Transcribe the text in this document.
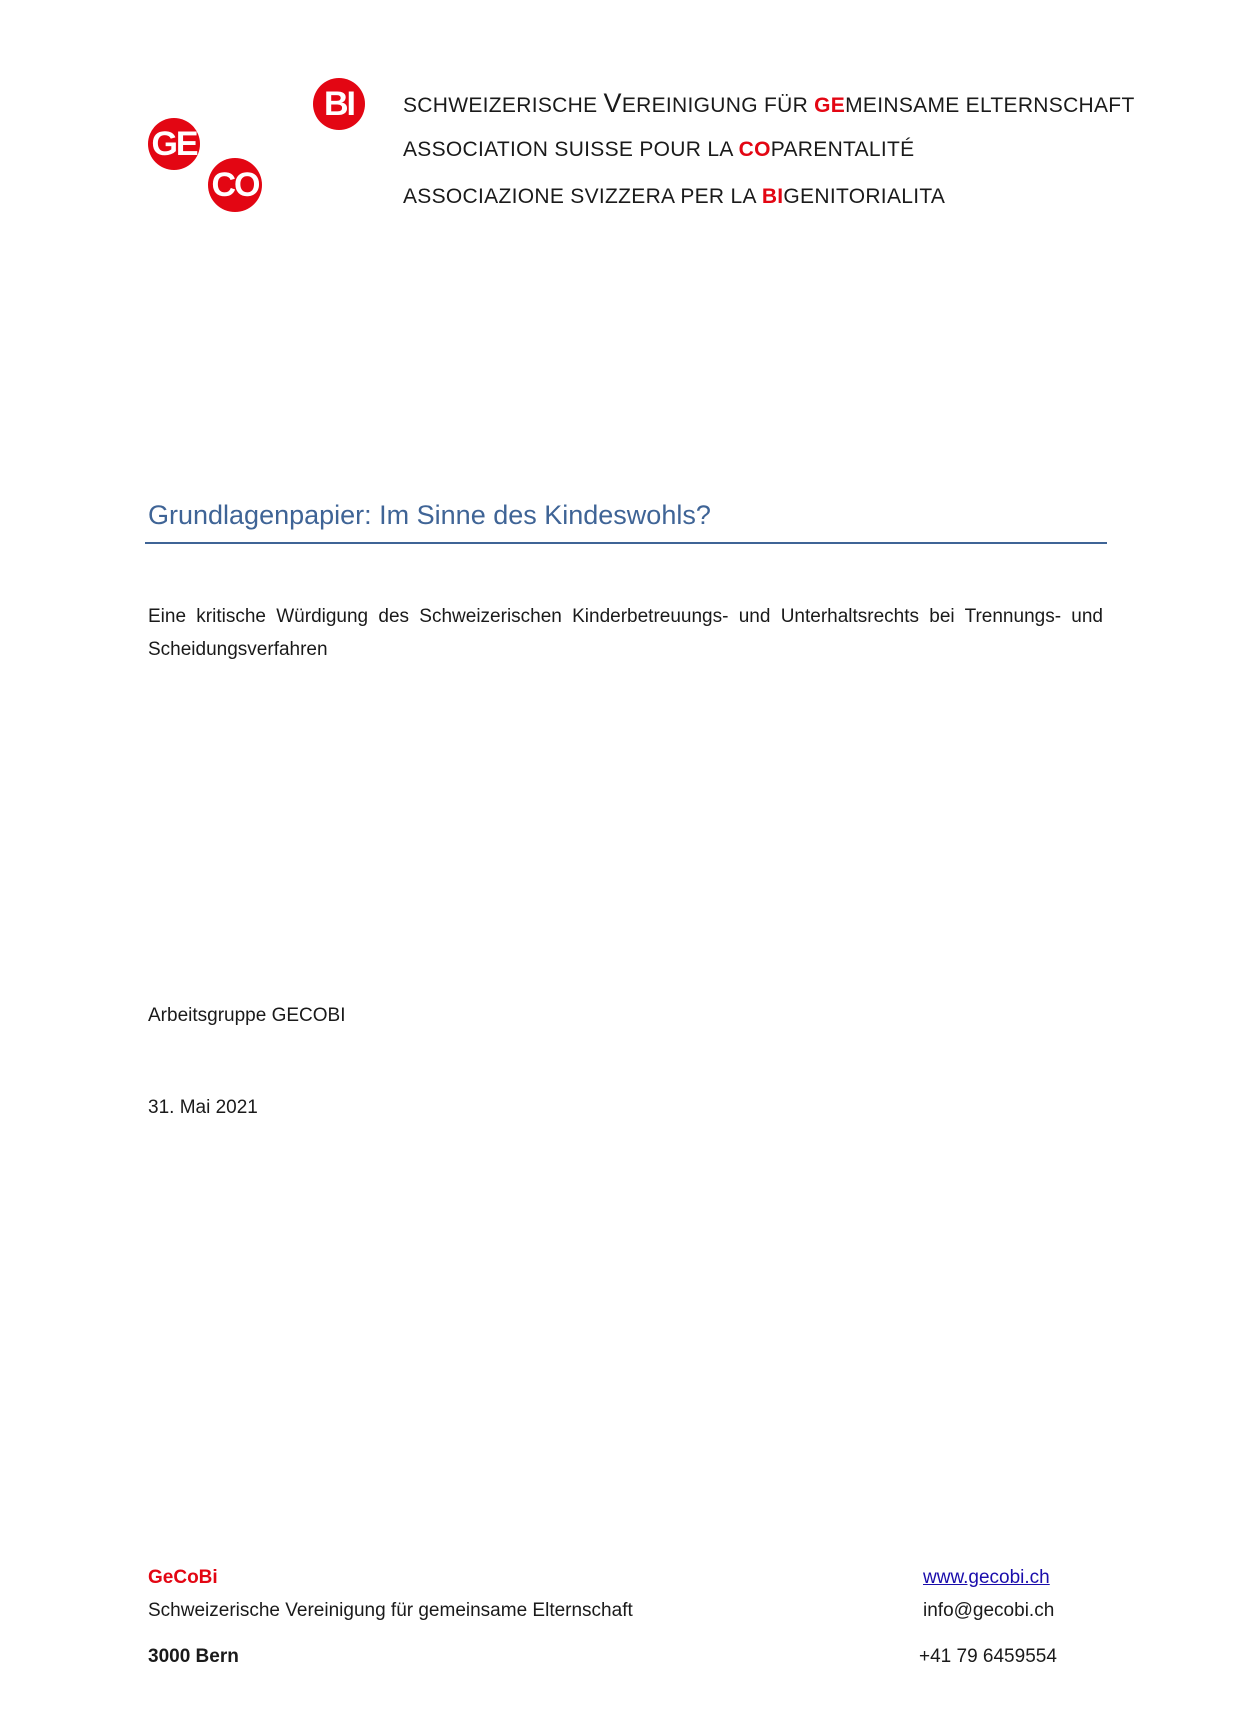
BI
GE
CO
SCHWEIZERISCHE VEREINIGUNG FÜR GEMEINSAME ELTERNSCHAFT
ASSOCIATION SUISSE POUR LA COPARENTALITÉ
ASSOCIAZIONE SVIZZERA PER LA BIGENITORIALITA
Grundlagenpapier: Im Sinne des Kindeswohls?
Eine kritische Würdigung des Schweizerischen Kinderbetreuungs- und Unterhaltsrechts bei Trennungs- und Scheidungsverfahren
Arbeitsgruppe GECOBI
31. Mai 2021
GeCoBi
Schweizerische Vereinigung für gemeinsame Elternschaft
3000 Bern
www.gecobi.ch
info@gecobi.ch
+41 79 6459554
